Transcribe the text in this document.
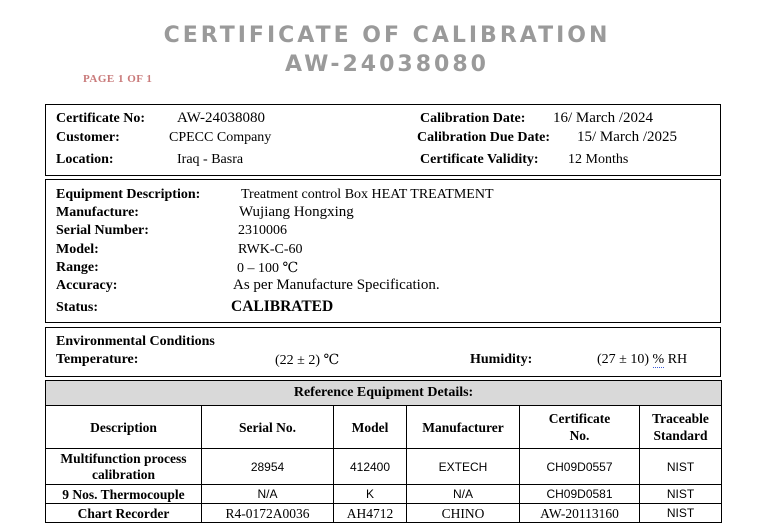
CERTIFICATE OF CALIBRATION
AW-24038080
PAGE 1 OF 1
Certificate No: AW-24038080
Customer:	CPECC Company
Location:	Iraq - Basra
Calibration Date: 16/ March /2024
Calibration Due Date: 15/ March /2025
Certificate Validity: 12 Months
Equipment Description:	Treatment control Box HEAT TREATMENT
Manufacture:	Wujiang Hongxing
Serial Number:	2310006
Model:	RWK-C-60
Range:	0 – 100 ℃
Accuracy:	As per Manufacture Specification.
Status:	CALIBRATED
Environmental Conditions
Temperature:	(22 ± 2) ℃	Humidity:	(27 ± 10) % RH
Reference Equipment Details:					
Description	Serial No.	Model	Manufacturer	Certificate No.	Traceable Standard
Multifunction process calibration	28954	412400	EXTECH	CH09D0557	NIST
9 Nos. Thermocouple	N/A	K	N/A	CH09D0581	NIST
Chart Recorder	R4-0172A0036	AH4712	CHINO	AW-20113160	NIST
